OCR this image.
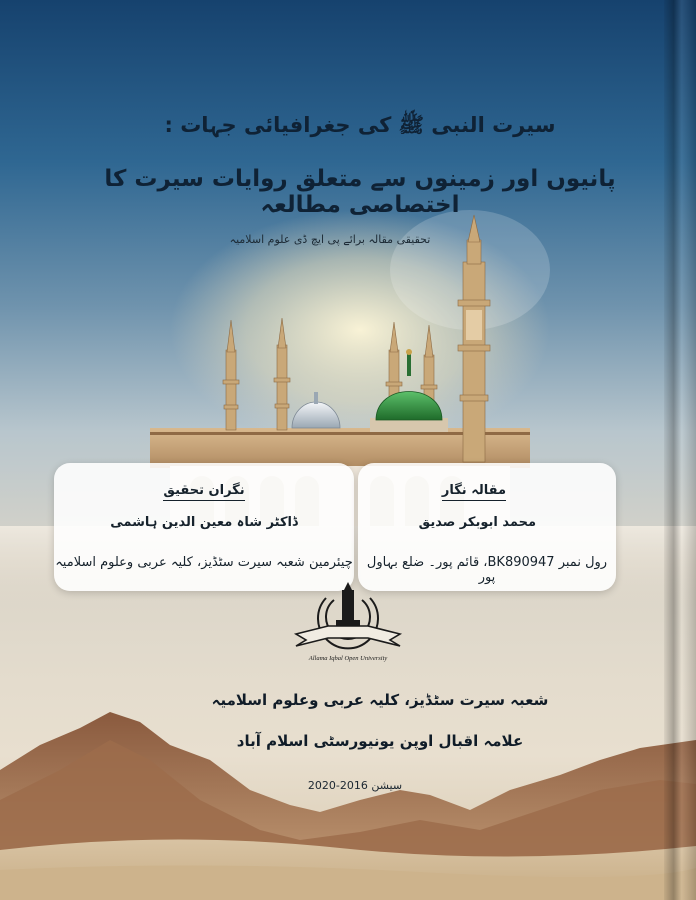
سیرت النبی ﷺ کی جغرافیائی جہات :
پانیوں اور زمینوں سے متعلق روایات سیرت کا اختصاصی مطالعہ
تحقیقی مقالہ برائے پی ایچ ڈی علوم اسلامیہ
نگران تحقیق
ڈاکٹر شاہ معین الدین ہاشمی
چیئرمین شعبہ سیرت سٹڈیز، کلیہ عربی وعلوم اسلامیہ
مقالہ نگار
محمد ابوبکر صدیق
رول نمبر BK890947، قائم پور۔ ضلع بہاول پور
Allama Iqbal Open University
شعبہ سیرت سٹڈیز، کلیہ عربی وعلوم اسلامیہ
علامہ اقبال اوپن یونیورسٹی اسلام آباد
سیشن 2016-2020
